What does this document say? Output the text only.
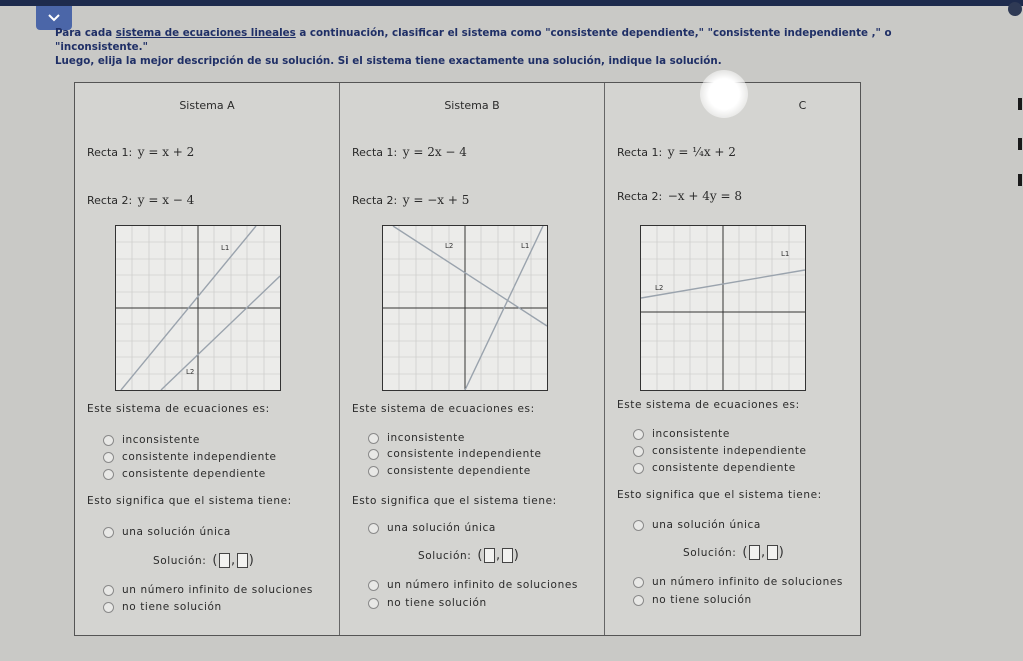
Para cada sistema de ecuaciones lineales a continuación, clasificar el sistema como "consistente dependiente," "consistente independiente ," o "inconsistente."
Luego, elija la mejor descripción de su solución. Si el sistema tiene exactamente una solución, indique la solución.
Sistema A
Recta 1: y = x + 2
Recta 2: y = x − 4
L1
L2
Este sistema de ecuaciones es:
inconsistente
consistente independiente
consistente dependiente
Esto significa que el sistema tiene:
una solución única
Solución: ( , )
un número infinito de soluciones
no tiene solución
Sistema B
Recta 1: y = 2x − 4
Recta 2: y = −x + 5
L2	L1
Este sistema de ecuaciones es:
inconsistente
consistente independiente
consistente dependiente
Esto significa que el sistema tiene:
una solución única
Solución: ( , )
un número infinito de soluciones
no tiene solución
C
Recta 1: y = ¼x + 2
Recta 2: −x + 4y = 8
L1
L2
Este sistema de ecuaciones es:
inconsistente
consistente independiente
consistente dependiente
Esto significa que el sistema tiene:
una solución única
Solución: ( , )
un número infinito de soluciones
no tiene solución
